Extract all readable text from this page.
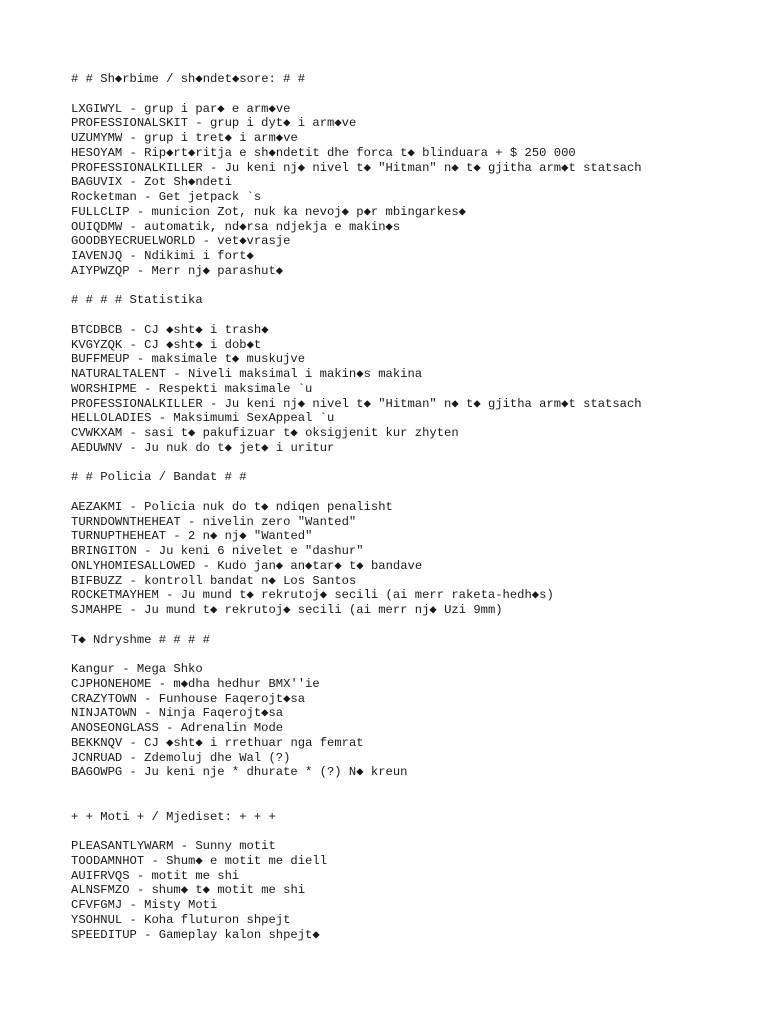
# # Sh◆rbime / sh◆ndet◆sore: # #
LXGIWYL - grup i par◆ e arm◆ve
PROFESSIONALSKIT - grup i dyt◆ i arm◆ve
UZUMYMW - grup i tret◆ i arm◆ve
HESOYAM - Rip◆rt◆ritja e sh◆ndetit dhe forca t◆ blinduara + $ 250 000
PROFESSIONALKILLER - Ju keni nj◆ nivel t◆ "Hitman" n◆ t◆ gjitha arm◆t statsach
BAGUVIX - Zot Sh◆ndeti
Rocketman - Get jetpack `s
FULLCLIP - municion Zot, nuk ka nevoj◆ p◆r mbingarkes◆
OUIQDMW - automatik, nd◆rsa ndjekja e makin◆s
GOODBYECRUELWORLD - vet◆vrasje
IAVENJQ - Ndikimi i fort◆
AIYPWZQP - Merr nj◆ parashut◆
# # # # Statistika
BTCDBCB - CJ ◆sht◆ i trash◆
KVGYZQK - CJ ◆sht◆ i dob◆t
BUFFMEUP - maksimale t◆ muskujve
NATURALTALENT - Niveli maksimal i makin◆s makina
WORSHIPME - Respekti maksimale `u
PROFESSIONALKILLER - Ju keni nj◆ nivel t◆ "Hitman" n◆ t◆ gjitha arm◆t statsach
HELLOLADIES - Maksimumi SexAppeal `u
CVWKXAM - sasi t◆ pakufizuar t◆ oksigjenit kur zhyten
AEDUWNV - Ju nuk do t◆ jet◆ i uritur
# # Policia / Bandat # #
AEZAKMI - Policia nuk do t◆ ndiqen penalisht
TURNDOWNTHEHEAT - nivelin zero "Wanted"
TURNUPTHEHEAT - 2 n◆ nj◆ "Wanted"
BRINGITON - Ju keni 6 nivelet e "dashur"
ONLYHOMIESALLOWED - Kudo jan◆ an◆tar◆ t◆ bandave
BIFBUZZ - kontroll bandat n◆ Los Santos
ROCKETMAYHEM - Ju mund t◆ rekrutoj◆ secili (ai merr raketa-hedh◆s)
SJMAHPE - Ju mund t◆ rekrutoj◆ secili (ai merr nj◆ Uzi 9mm)
T◆ Ndryshme # # # #
Kangur - Mega Shko
CJPHONEHOME - m◆dha hedhur BMX''ie
CRAZYTOWN - Funhouse Faqerojt◆sa
NINJATOWN - Ninja Faqerojt◆sa
ANOSEONGLASS - Adrenalin Mode
BEKKNQV - CJ ◆sht◆ i rrethuar nga femrat
JCNRUAD - Zdemoluj dhe Wal (?)
BAGOWPG - Ju keni nje * dhurate * (?) N◆ kreun
+ + Moti + / Mjediset: + + +
PLEASANTLYWARM - Sunny motit
TOODAMNHOT - Shum◆ e motit me diell
AUIFRVQS - motit me shi
ALNSFMZO - shum◆ t◆ motit me shi
CFVFGMJ - Misty Moti
YSOHNUL - Koha fluturon shpejt
SPEEDITUP - Gameplay kalon shpejt◆
